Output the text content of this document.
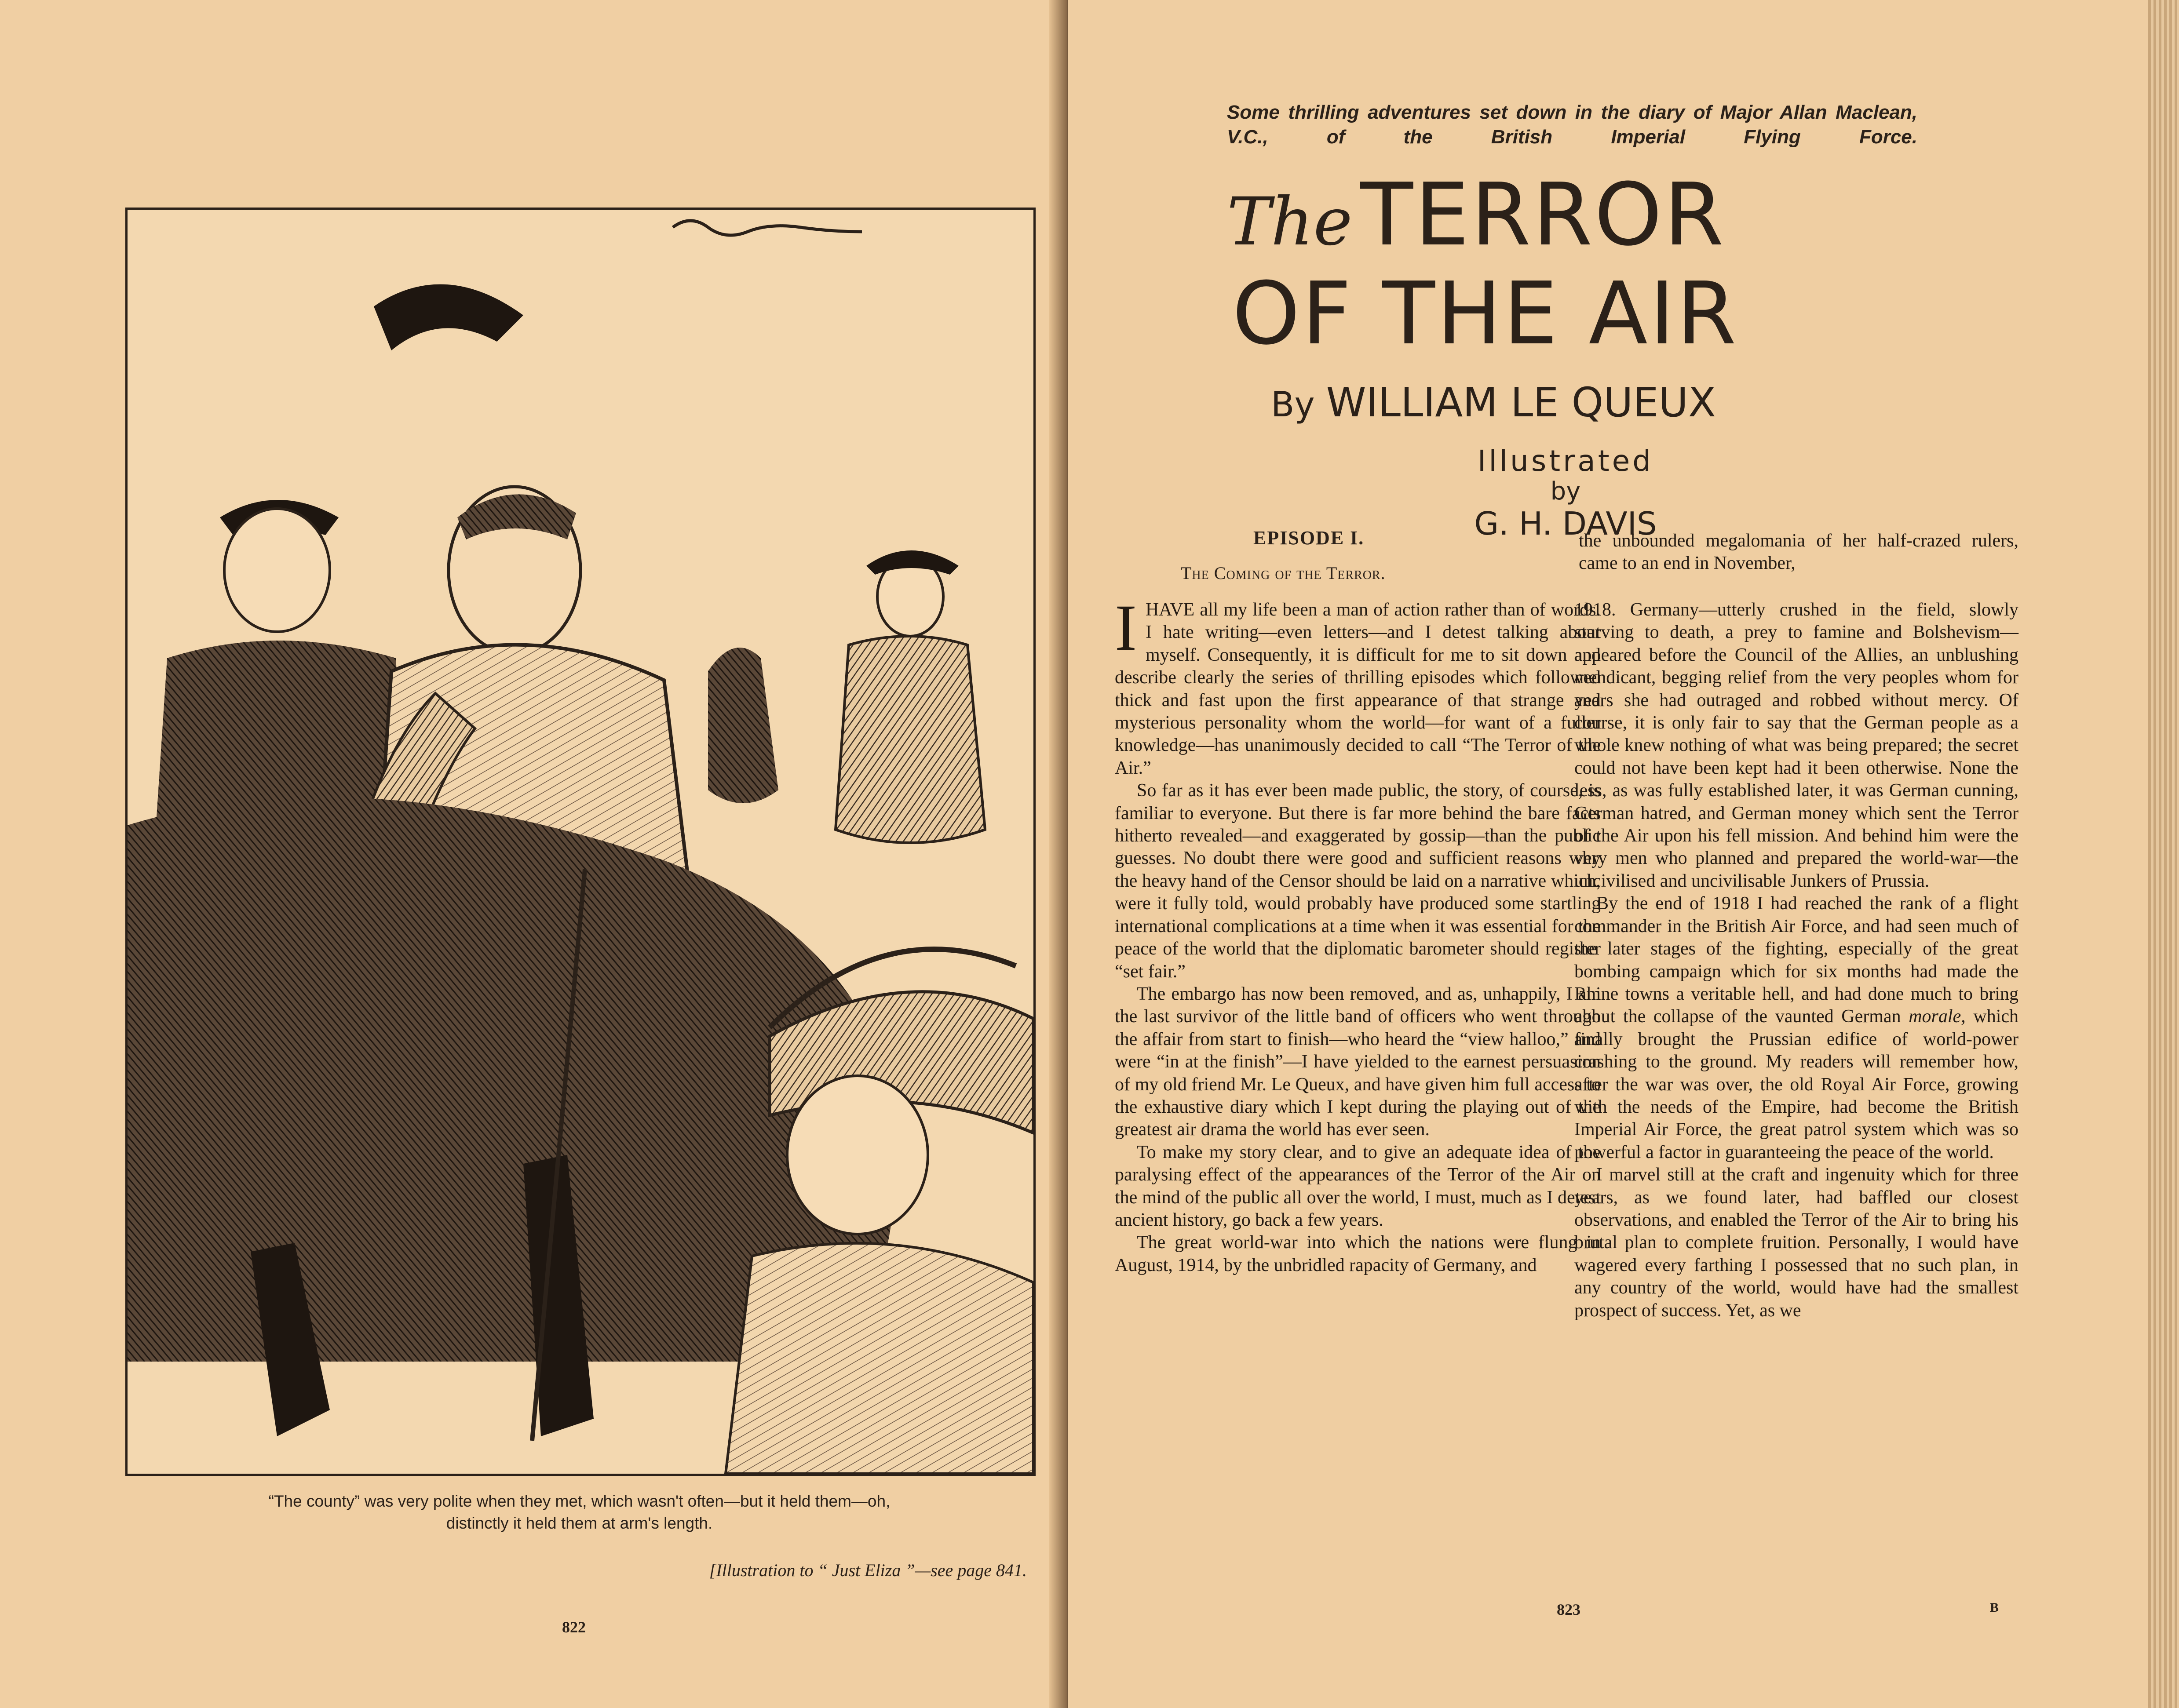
“The county” was very polite when they met, which wasn't often—but it held them—oh,
distinctly it held them at arm's length.
[Illustration to “ Just Eliza ”—see page 841.
822
Some thrilling adventures set down in the diary of Major Allan Maclean, V.C., of the British Imperial Flying Force.
TheTERROR
OF THE AIR
By WILLIAM LE QUEUX
Illustrated
by
G. H. DAVIS
EPISODE I.
The Coming of the Terror.

IHAVE all my life been a man of action rather than of words. I hate writing—even letters—and I detest talking about myself. Consequently, it is difficult for me to sit down and describe clearly the series of thrilling episodes which followed thick and fast upon the first appearance of that strange and mysterious personality whom the world—for want of a fuller knowledge—has unanimously decided to call “The Terror of the Air.”

So far as it has ever been made public, the story, of course, is familiar to everyone. But there is far more behind the bare facts hitherto revealed—and exaggerated by gossip—than the public guesses. No doubt there were good and sufficient reasons why the heavy hand of the Censor should be laid on a narrative which, were it fully told, would probably have produced some startling international complications at a time when it was essential for the peace of the world that the diplomatic barometer should register “set fair.”

The embargo has now been removed, and as, unhappily, I am the last survivor of the little band of officers who went through the affair from start to finish—who heard the “view halloo,” and were “in at the finish”—I have yielded to the earnest persuasion of my old friend Mr. Le Queux, and have given him full access to the exhaustive diary which I kept during the playing out of the greatest air drama the world has ever seen.

To make my story clear, and to give an adequate idea of the paralysing effect of the appearances of the Terror of the Air on the mind of the public all over the world, I must, much as I detest ancient history, go back a few years.

The great world-war into which the nations were flung in August, 1914, by the unbridled rapacity of Germany, and

the unbounded megalomania of her half-crazed rulers, came to an end in November,

1918. Germany—utterly crushed in the field, slowly starving to death, a prey to famine and Bolshevism—appeared before the Council of the Allies, an unblushing mendicant, begging relief from the very peoples whom for years she had outraged and robbed without mercy. Of course, it is only fair to say that the German people as a whole knew nothing of what was being prepared; the secret could not have been kept had it been otherwise. None the less, as was fully established later, it was German cunning, German hatred, and German money which sent the Terror of the Air upon his fell mission. And behind him were the very men who planned and prepared the world-war—the uncivilised and uncivilisable Junkers of Prussia.

By the end of 1918 I had reached the rank of a flight commander in the British Air Force, and had seen much of the later stages of the fighting, especially of the great bombing campaign which for six months had made the Rhine towns a veritable hell, and had done much to bring about the collapse of the vaunted German morale, which finally brought the Prussian edifice of world-power crashing to the ground. My readers will remember how, after the war was over, the old Royal Air Force, growing with the needs of the Empire, had become the British Imperial Air Force, the great patrol system which was so powerful a factor in guaranteeing the peace of the world.

I marvel still at the craft and ingenuity which for three years, as we found later, had baffled our closest observations, and enabled the Terror of the Air to bring his brutal plan to complete fruition. Personally, I would have wagered every farthing I possessed that no such plan, in any country of the world, would have had the smallest prospect of success. Yet, as we

823	B
